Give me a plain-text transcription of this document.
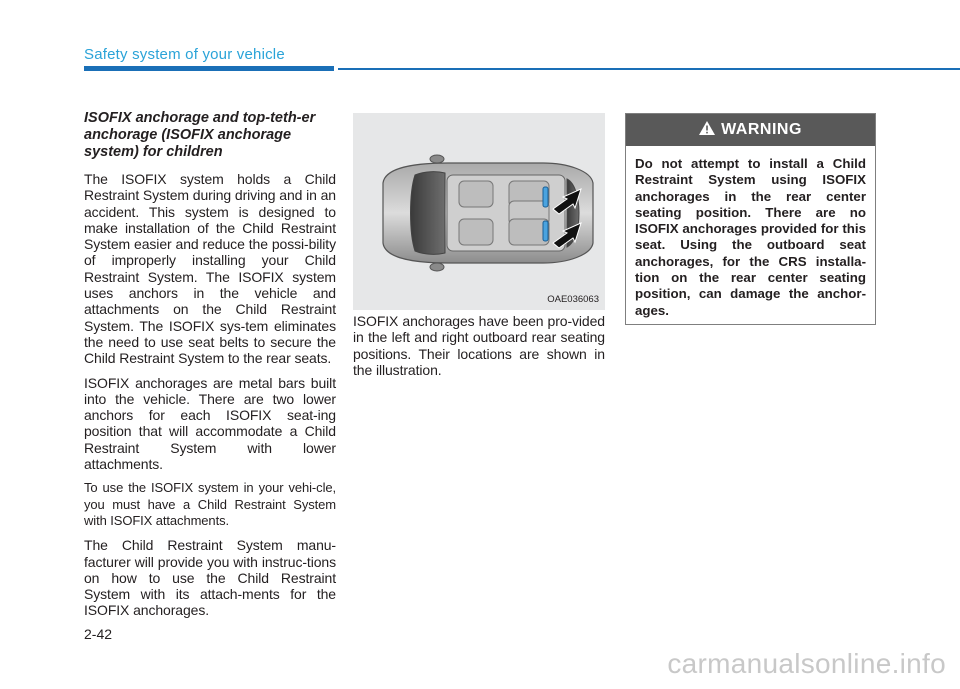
Safety system of your vehicle

ISOFIX anchorage and top-teth-er anchorage (ISOFIX anchorage system) for children

The ISOFIX system holds a Child Restraint System during driving and in an accident. This system is designed to make installation of the Child Restraint System easier and reduce the possi-bility of improperly installing your Child Restraint System. The ISOFIX system uses anchors in the vehicle and attachments on the Child Restraint System. The ISOFIX sys-tem eliminates the need to use seat belts to secure the Child Restraint System to the rear seats.

ISOFIX anchorages are metal bars built into the vehicle. There are two lower anchors for each ISOFIX seat-ing position that will accommodate a Child Restraint System with lower attachments.

To use the ISOFIX system in your vehi-cle, you must have a Child Restraint System with ISOFIX attachments.

The Child Restraint System manu-facturer will provide you with instruc-tions on how to use the Child Restraint System with its attach-ments for the ISOFIX anchorages.

OAE036063

ISOFIX anchorages have been pro-vided in the left and right outboard rear seating positions. Their locations are shown in the illustration.

WARNING
Do not attempt to install a Child Restraint System using ISOFIX anchorages in the rear center seating position. There are no ISOFIX anchorages provided for this seat. Using the outboard seat anchorages, for the CRS installa-tion on the rear center seating position, can damage the anchor-ages.
2-42
carmanualsonline.info
